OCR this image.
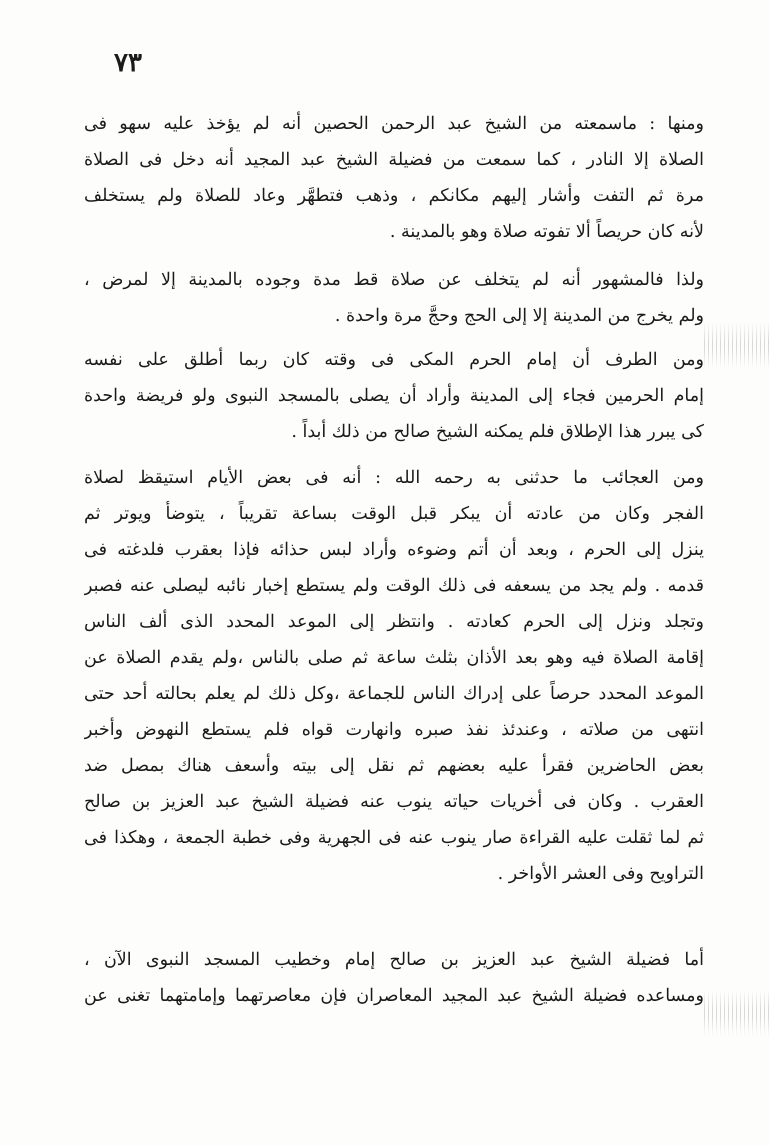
٧٣
ومنها : ماسمعته من الشيخ عبد الرحمن الحصين أنه لم يؤخذ عليه سهو فى
الصلاة إلا النادر ، كما سمعت من فضيلة الشيخ عبد المجيد أنه دخل فى الصلاة
مرة ثم التفت وأشار إليهم مكانكم ، وذهب فتطهَّر وعاد للصلاة ولم يستخلف
لأنه كان حريصاً ألا تفوته صلاة وهو بالمدينة .
ولذا فالمشهور أنه لم يتخلف عن صلاة قط مدة وجوده بالمدينة إلا لمرض ،
ولم يخرج من المدينة إلا إلى الحج وحجَّ مرة واحدة .
ومن الطرف أن إمام الحرم المكى فى وقته كان ربما أطلق على نفسه
إمام الحرمين فجاء إلى المدينة وأراد أن يصلى بالمسجد النبوى ولو فريضة واحدة
كى يبرر هذا الإطلاق فلم يمكنه الشيخ صالح من ذلك أبداً .
ومن العجائب ما حدثنى به رحمه الله : أنه فى بعض الأيام استيقظ لصلاة
الفجر وكان من عادته أن يبكر قبل الوقت بساعة تقريباً ، يتوضأ ويوتر ثم
ينزل إلى الحرم ، وبعد أن أتم وضوءه وأراد لبس حذائه فإذا بعقرب فلدغته فى
قدمه . ولم يجد من يسعفه فى ذلك الوقت ولم يستطع إخبار نائبه ليصلى عنه فصبر
وتجلد ونزل إلى الحرم كعادته . وانتظر إلى الموعد المحدد الذى ألف الناس
إقامة الصلاة فيه وهو بعد الأذان بثلث ساعة ثم صلى بالناس ،ولم يقدم الصلاة عن
الموعد المحدد حرصاً على إدراك الناس للجماعة ،وكل ذلك لم يعلم بحالته أحد حتى
انتهى من صلاته ، وعندئذ نفذ صبره وانهارت قواه فلم يستطع النهوض وأخبر
بعض الحاضرين فقرأ عليه بعضهم ثم نقل إلى بيته وأسعف هناك بمصل ضد
العقرب . وكان فى أخريات حياته ينوب عنه فضيلة الشيخ عبد العزيز بن صالح
ثم لما ثقلت عليه القراءة صار ينوب عنه فى الجهرية وفى خطبة الجمعة ، وهكذا فى
التراويح وفى العشر الأواخر .
أما فضيلة الشيخ عبد العزيز بن صالح إمام وخطيب المسجد النبوى الآن ،
ومساعده فضيلة الشيخ عبد المجيد المعاصران فإن معاصرتهما وإمامتهما تغنى عن
